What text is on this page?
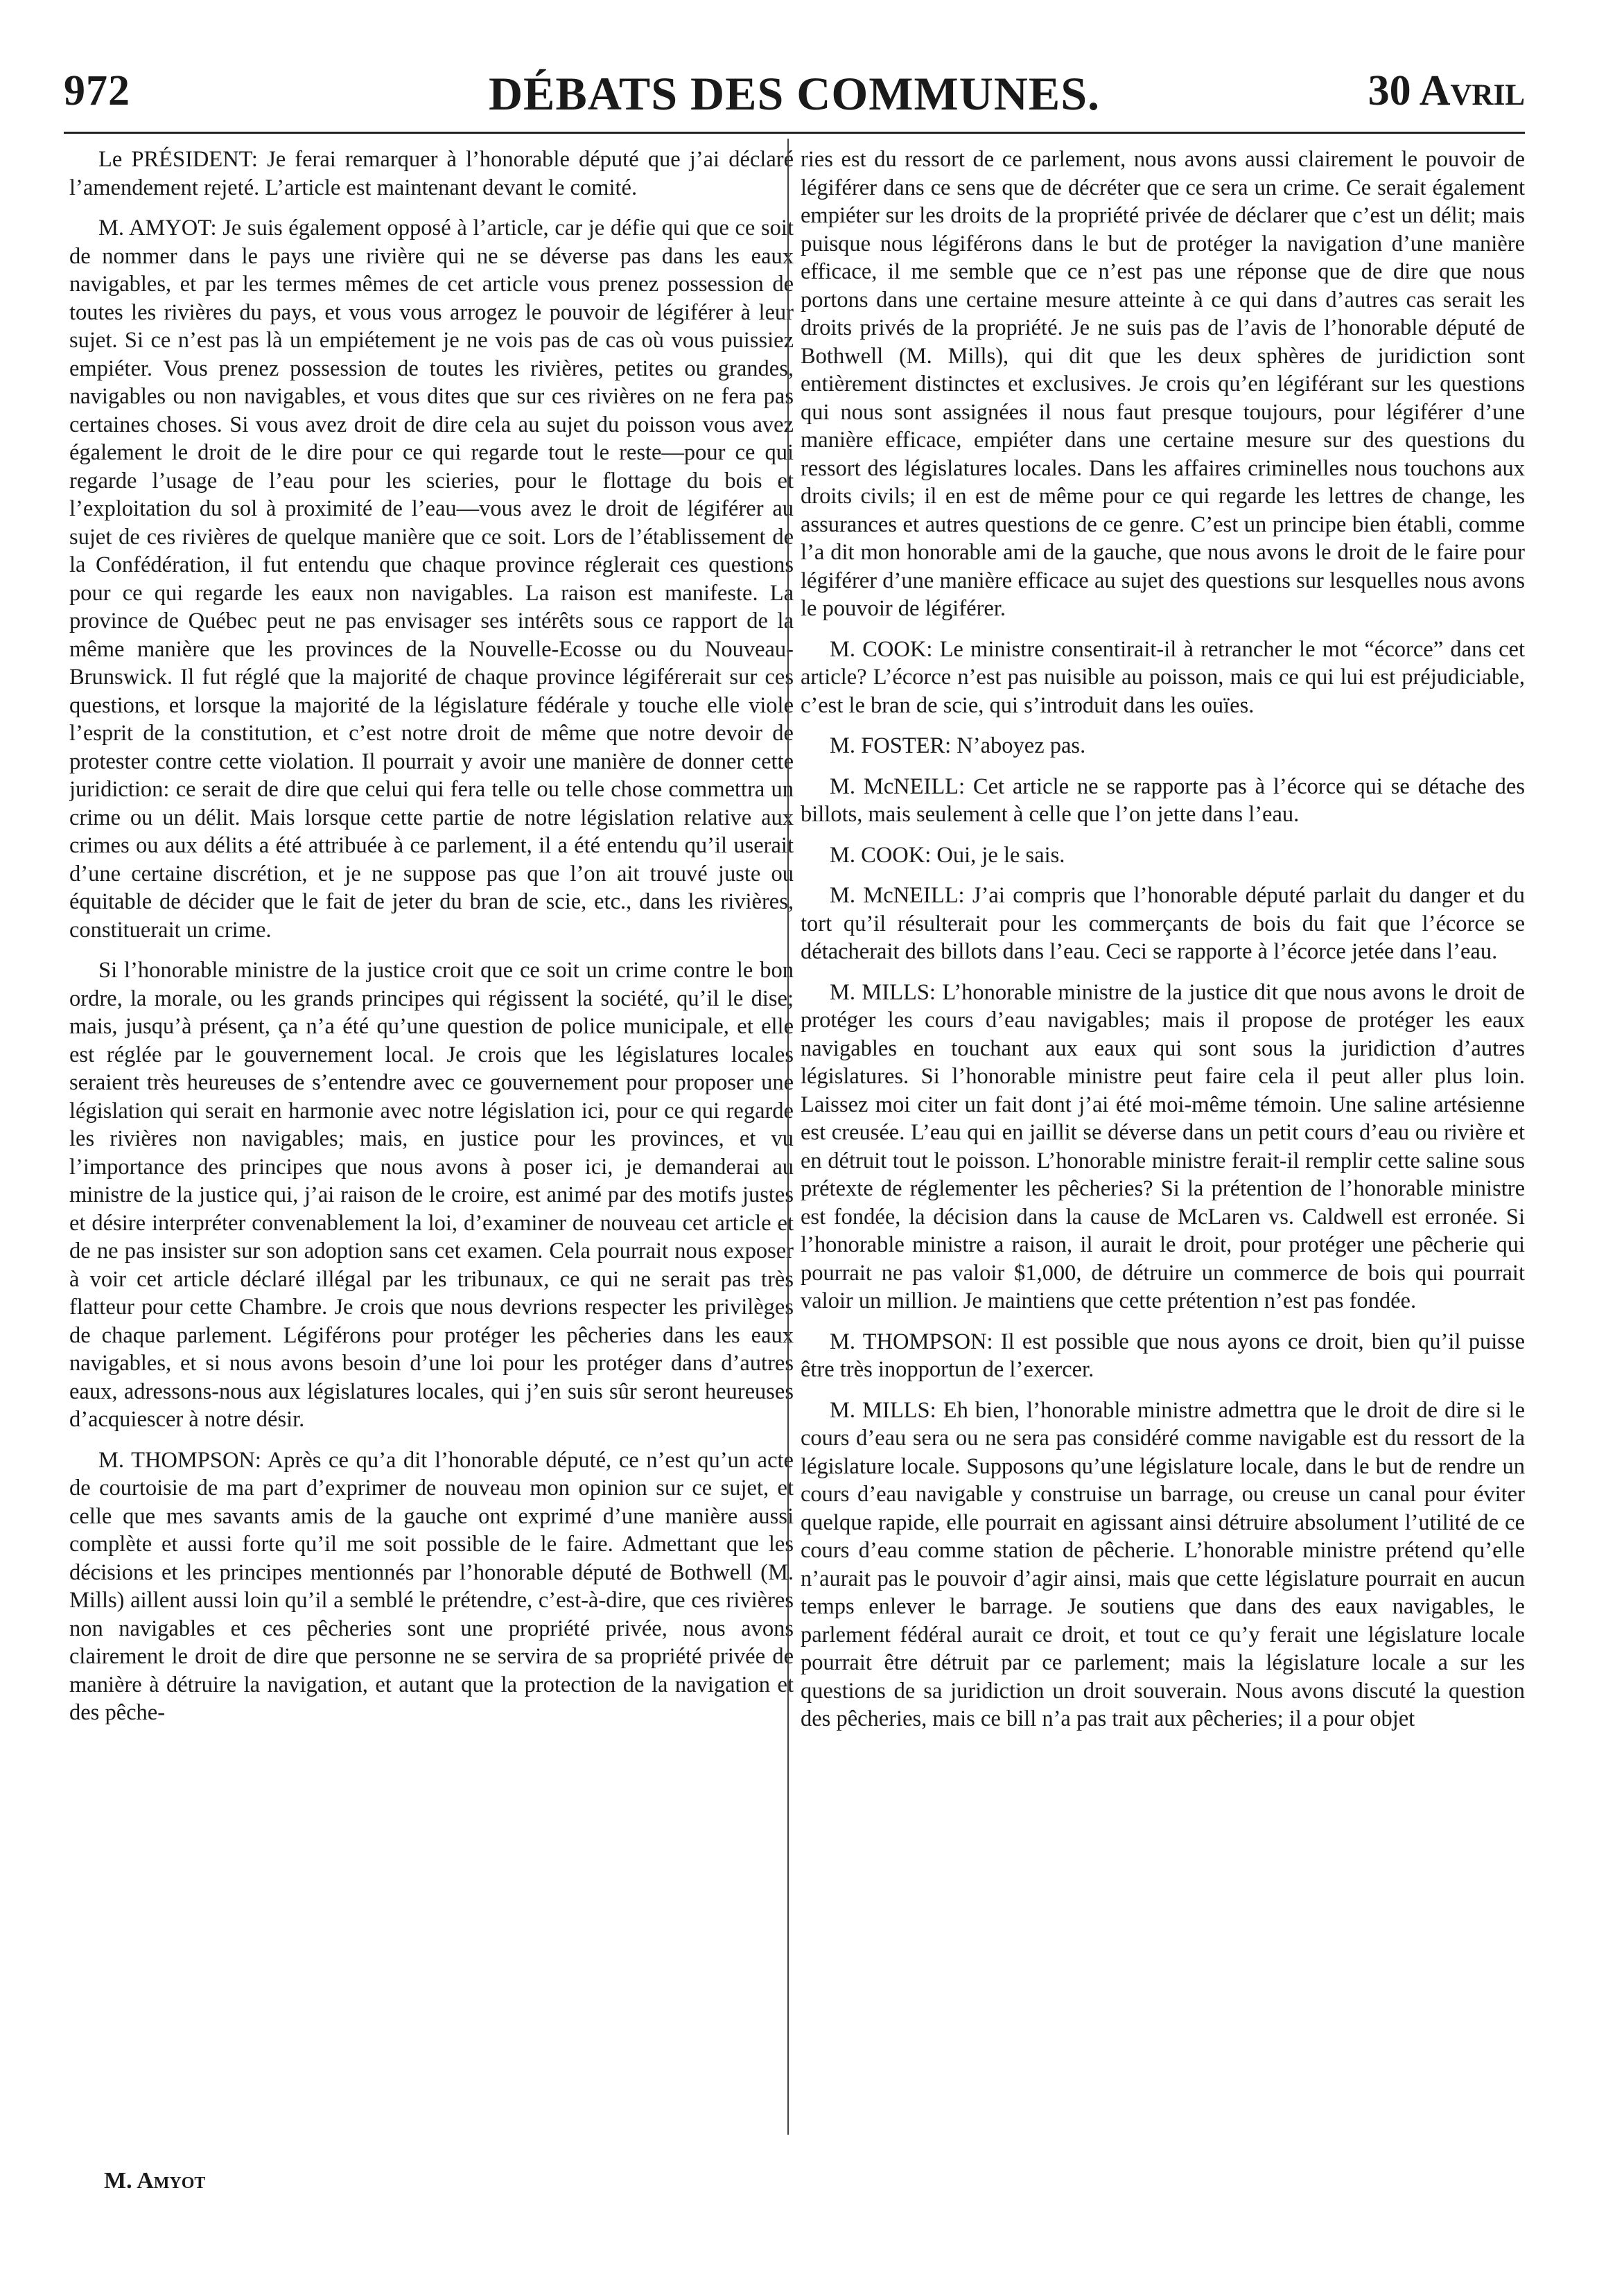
972	DÉBATS DES COMMUNES.	30 Avril

Le PRÉSIDENT: Je ferai remarquer à l’honorable député que j’ai déclaré l’amendement rejeté. L’article est maintenant devant le comité.

M. AMYOT: Je suis également opposé à l’article, car je défie qui que ce soit de nommer dans le pays une rivière qui ne se déverse pas dans les eaux navigables, et par les termes mêmes de cet article vous prenez possession de toutes les rivières du pays, et vous vous arrogez le pouvoir de légiférer à leur sujet. Si ce n’est pas là un empiétement je ne vois pas de cas où vous puissiez empiéter. Vous prenez possession de toutes les rivières, petites ou grandes, navigables ou non navigables, et vous dites que sur ces rivières on ne fera pas certaines choses. Si vous avez droit de dire cela au sujet du poisson vous avez également le droit de le dire pour ce qui regarde tout le reste—pour ce qui regarde l’usage de l’eau pour les scieries, pour le flottage du bois et l’exploitation du sol à proximité de l’eau—vous avez le droit de légiférer au sujet de ces rivières de quelque manière que ce soit. Lors de l’établissement de la Confédération, il fut entendu que chaque province réglerait ces questions pour ce qui regarde les eaux non navigables. La raison est manifeste. La province de Québec peut ne pas envisager ses intérêts sous ce rapport de la même manière que les provinces de la Nouvelle-Ecosse ou du Nouveau-Brunswick. Il fut réglé que la majorité de chaque province légiférerait sur ces questions, et lorsque la majorité de la législature fédérale y touche elle viole l’esprit de la constitution, et c’est notre droit de même que notre devoir de protester contre cette violation. Il pourrait y avoir une manière de donner cette juridiction: ce serait de dire que celui qui fera telle ou telle chose commettra un crime ou un délit. Mais lorsque cette partie de notre législation relative aux crimes ou aux délits a été attribuée à ce parlement, il a été entendu qu’il userait d’une certaine discrétion, et je ne suppose pas que l’on ait trouvé juste ou équitable de décider que le fait de jeter du bran de scie, etc., dans les rivières, constituerait un crime.

Si l’honorable ministre de la justice croit que ce soit un crime contre le bon ordre, la morale, ou les grands principes qui régissent la société, qu’il le dise; mais, jusqu’à présent, ça n’a été qu’une question de police municipale, et elle est réglée par le gouvernement local. Je crois que les législatures locales seraient très heureuses de s’entendre avec ce gouvernement pour proposer une législation qui serait en harmonie avec notre législation ici, pour ce qui regarde les rivières non navigables; mais, en justice pour les provinces, et vu l’importance des principes que nous avons à poser ici, je demanderai au ministre de la justice qui, j’ai raison de le croire, est animé par des motifs justes et désire interpréter convenablement la loi, d’examiner de nouveau cet article et de ne pas insister sur son adoption sans cet examen. Cela pourrait nous exposer à voir cet article déclaré illégal par les tribunaux, ce qui ne serait pas très flatteur pour cette Chambre. Je crois que nous devrions respecter les privilèges de chaque parlement. Légiférons pour protéger les pêcheries dans les eaux navigables, et si nous avons besoin d’une loi pour les protéger dans d’autres eaux, adressons-nous aux législatures locales, qui j’en suis sûr seront heureuses d’acquiescer à notre désir.

M. THOMPSON: Après ce qu’a dit l’honorable député, ce n’est qu’un acte de courtoisie de ma part d’exprimer de nouveau mon opinion sur ce sujet, et celle que mes savants amis de la gauche ont exprimé d’une manière aussi complète et aussi forte qu’il me soit possible de le faire. Admettant que les décisions et les principes mentionnés par l’honorable député de Bothwell (M. Mills) aillent aussi loin qu’il a semblé le prétendre, c’est-à-dire, que ces rivières non navigables et ces pêcheries sont une propriété privée, nous avons clairement le droit de dire que personne ne se servira de sa propriété privée de manière à détruire la navigation, et autant que la protection de la navigation et des pêche-

ries est du ressort de ce parlement, nous avons aussi clairement le pouvoir de légiférer dans ce sens que de décréter que ce sera un crime. Ce serait également empiéter sur les droits de la propriété privée de déclarer que c’est un délit; mais puisque nous légiférons dans le but de protéger la navigation d’une manière efficace, il me semble que ce n’est pas une réponse que de dire que nous portons dans une certaine mesure atteinte à ce qui dans d’autres cas serait les droits privés de la propriété. Je ne suis pas de l’avis de l’honorable député de Bothwell (M. Mills), qui dit que les deux sphères de juridiction sont entièrement distinctes et exclusives. Je crois qu’en légiférant sur les questions qui nous sont assignées il nous faut presque toujours, pour légiférer d’une manière efficace, empiéter dans une certaine mesure sur des questions du ressort des législatures locales. Dans les affaires criminelles nous touchons aux droits civils; il en est de même pour ce qui regarde les lettres de change, les assurances et autres questions de ce genre. C’est un principe bien établi, comme l’a dit mon honorable ami de la gauche, que nous avons le droit de le faire pour légiférer d’une manière efficace au sujet des questions sur lesquelles nous avons le pouvoir de légiférer.

M. COOK: Le ministre consentirait-il à retrancher le mot “écorce” dans cet article? L’écorce n’est pas nuisible au poisson, mais ce qui lui est préjudiciable, c’est le bran de scie, qui s’introduit dans les ouïes.

M. FOSTER: N’aboyez pas.

M. McNEILL: Cet article ne se rapporte pas à l’écorce qui se détache des billots, mais seulement à celle que l’on jette dans l’eau.

M. COOK: Oui, je le sais.

M. McNEILL: J’ai compris que l’honorable député parlait du danger et du tort qu’il résulterait pour les commerçants de bois du fait que l’écorce se détacherait des billots dans l’eau. Ceci se rapporte à l’écorce jetée dans l’eau.

M. MILLS: L’honorable ministre de la justice dit que nous avons le droit de protéger les cours d’eau navigables; mais il propose de protéger les eaux navigables en touchant aux eaux qui sont sous la juridiction d’autres législatures. Si l’honorable ministre peut faire cela il peut aller plus loin. Laissez moi citer un fait dont j’ai été moi-même témoin. Une saline artésienne est creusée. L’eau qui en jaillit se déverse dans un petit cours d’eau ou rivière et en détruit tout le poisson. L’honorable ministre ferait-il remplir cette saline sous prétexte de réglementer les pêcheries? Si la prétention de l’honorable ministre est fondée, la décision dans la cause de McLaren vs. Caldwell est erronée. Si l’honorable ministre a raison, il aurait le droit, pour protéger une pêcherie qui pourrait ne pas valoir $1,000, de détruire un commerce de bois qui pourrait valoir un million. Je maintiens que cette prétention n’est pas fondée.

M. THOMPSON: Il est possible que nous ayons ce droit, bien qu’il puisse être très inopportun de l’exercer.

M. MILLS: Eh bien, l’honorable ministre admettra que le droit de dire si le cours d’eau sera ou ne sera pas considéré comme navigable est du ressort de la législature locale. Supposons qu’une législature locale, dans le but de rendre un cours d’eau navigable y construise un barrage, ou creuse un canal pour éviter quelque rapide, elle pourrait en agissant ainsi détruire absolument l’utilité de ce cours d’eau comme station de pêcherie. L’honorable ministre prétend qu’elle n’aurait pas le pouvoir d’agir ainsi, mais que cette législature pourrait en aucun temps enlever le barrage. Je soutiens que dans des eaux navigables, le parlement fédéral aurait ce droit, et tout ce qu’y ferait une législature locale pourrait être détruit par ce parlement; mais la législature locale a sur les questions de sa juridiction un droit souverain. Nous avons discuté la question des pêcheries, mais ce bill n’a pas trait aux pêcheries; il a pour objet

M. Amyot
